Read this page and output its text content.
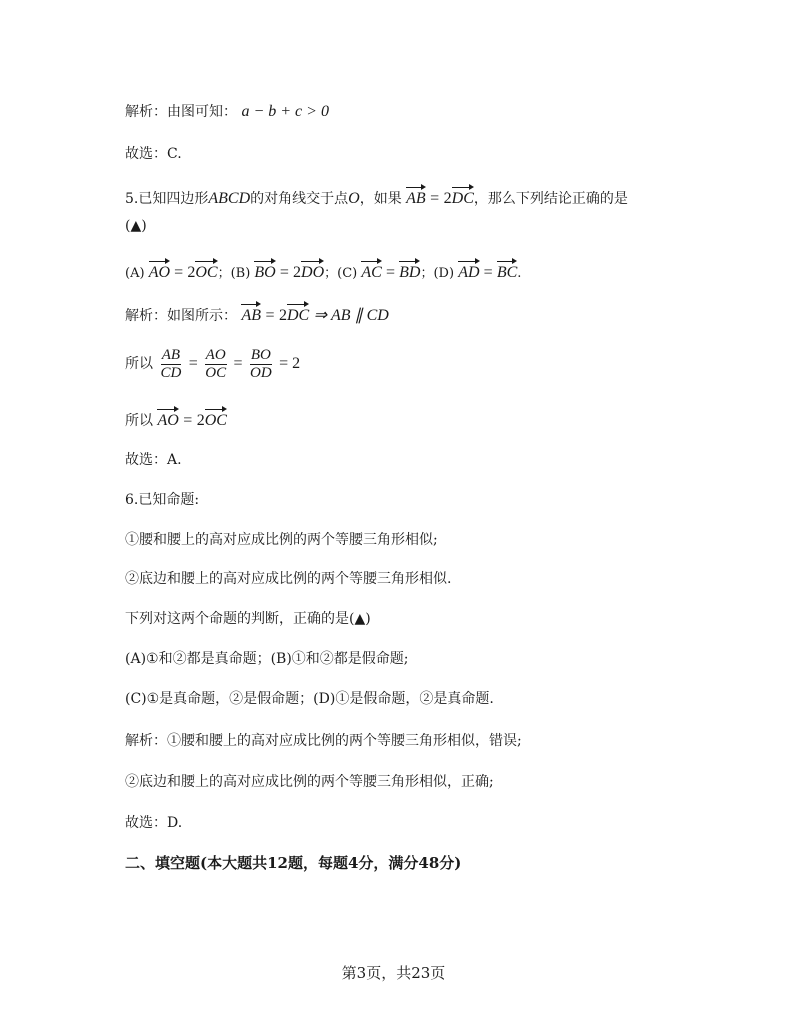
解析：由图可知： a − b + c > 0
故选：C.
5.已知四边形ABCD的对角线交于点O，如果 AB = 2DC，那么下列结论正确的是
(▲)
(A) AO = 2OC；(B) BO = 2DO；(C) AC = BD；(D) AD = BC.
解析：如图所示： AB = 2DC ⇒ AB ∥ CD
所以 $\frac{AB}{CD} = \frac{AO}{OC} = \frac{BO}{OD} = 2$
所以 AO = 2OC
故选：A.
6.已知命题:
①腰和腰上的高对应成比例的两个等腰三角形相似;
②底边和腰上的高对应成比例的两个等腰三角形相似.
下列对这两个命题的判断，正确的是(▲)
(A)①和②都是真命题；(B)①和②都是假命题;
(C)①是真命题，②是假命题；(D)①是假命题，②是真命题.
解析：①腰和腰上的高对应成比例的两个等腰三角形相似，错误;
②底边和腰上的高对应成比例的两个等腰三角形相似，正确;
故选：D.
二、填空题(本大题共12题，每题4分，满分48分)
第3页，共23页
